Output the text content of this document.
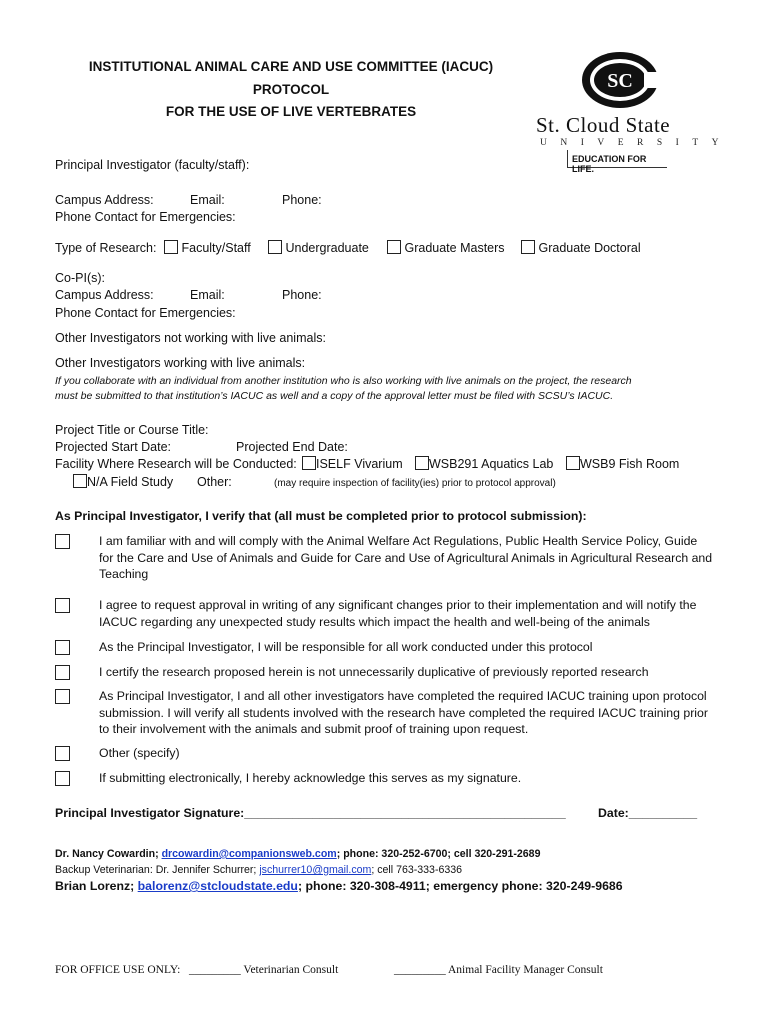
INSTITUTIONAL ANIMAL CARE AND USE COMMITTEE (IACUC)
PROTOCOL
FOR THE USE OF LIVE VERTEBRATES
SC
St. Cloud State
UNIVERSITY
EDUCATION FOR LIFE.
Principal Investigator (faculty/staff):
Campus Address:	Email:	Phone:
Phone Contact for Emergencies:
Type of Research:	Faculty/Staff	Undergraduate	Graduate Masters	Graduate Doctoral
Co-PI(s):
Campus Address:	Email:	Phone:
Phone Contact for Emergencies:
Other Investigators not working with live animals:
Other Investigators working with live animals:
If you collaborate with an individual from another institution who is also working with live animals on the project, the research
must be submitted to that institution’s IACUC as well and a copy of the approval letter must be filed with SCSU’s IACUC.
Project Title or Course Title:
Projected Start Date:	Projected End Date:
Facility Where Research will be Conducted:	ISELF Vivarium	WSB291 Aquatics Lab	WSB9 Fish Room
N/A Field Study Other:	(may require inspection of facility(ies) prior to protocol approval)
As Principal Investigator, I verify that (all must be completed prior to protocol submission):
I am familiar with and will comply with the Animal Welfare Act Regulations, Public Health Service Policy, Guide for the Care and Use of Animals and Guide for Care and Use of Agricultural Animals in Agricultural Research and Teaching
I agree to request approval in writing of any significant changes prior to their implementation and will notify the IACUC regarding any unexpected study results which impact the health and well-being of the animals
As the Principal Investigator, I will be responsible for all work conducted under this protocol
I certify the research proposed herein is not unnecessarily duplicative of previously reported research
As Principal Investigator, I and all other investigators have completed the required IACUC training upon protocol submission. I will verify all students involved with the research have completed the required IACUC training prior to their involvement with the animals and submit proof of training upon request.
Other (specify)
If submitting electronically, I hereby acknowledge this serves as my signature.
Principal Investigator Signature:_______________________________________________	Date:__________
Dr. Nancy Cowardin; drcowardin@companionsweb.com; phone: 320-252-6700; cell 320-291-2689
Backup Veterinarian: Dr. Jennifer Schurrer; jschurrer10@gmail.com; cell 763-333-6336
Brian Lorenz; balorenz@stcloudstate.edu; phone: 320-308-4911; emergency phone: 320-249-9686
FOR OFFICE USE ONLY: _________ Veterinarian Consult	_________ Animal Facility Manager Consult
